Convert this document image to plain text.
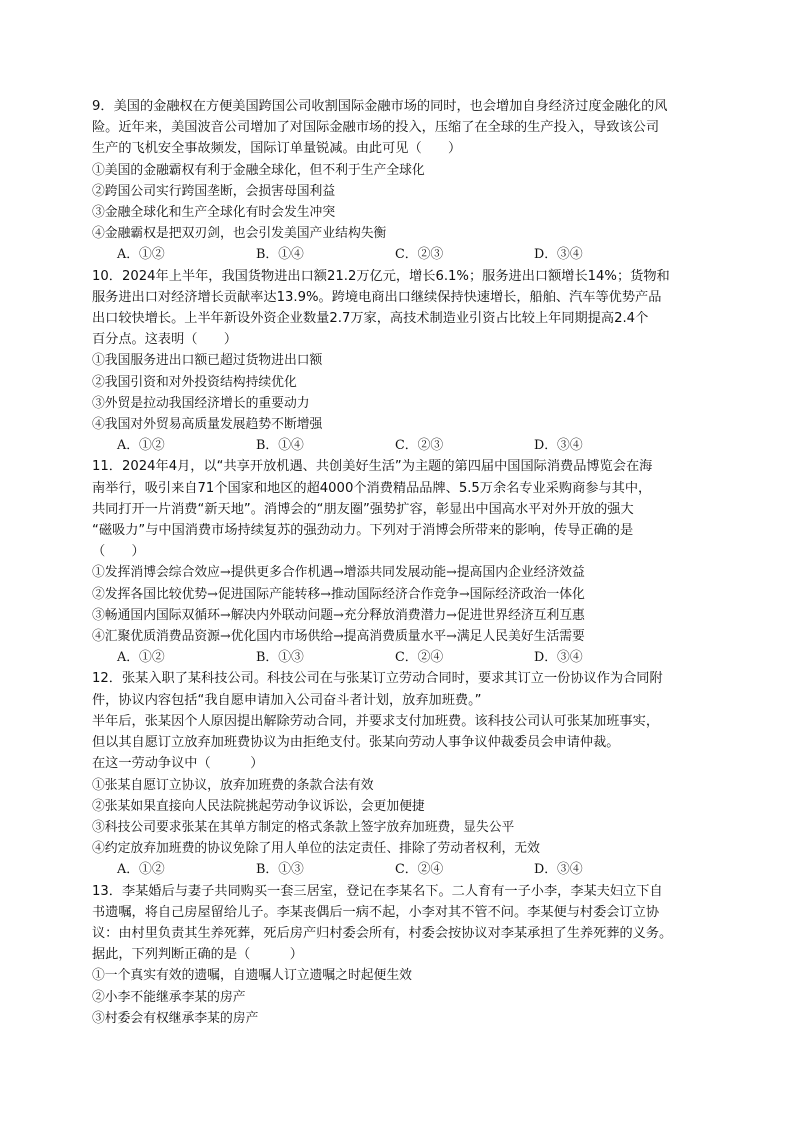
9．美国的金融权在方便美国跨国公司收割国际金融市场的同时，也会增加自身经济过度金融化的风
险。近年来，美国波音公司增加了对国际金融市场的投入，压缩了在全球的生产投入，导致该公司
生产的飞机安全事故频发，国际订单量锐减。由此可见（　　）
①美国的金融霸权有利于金融全球化，但不利于生产全球化
②跨国公司实行跨国垄断，会损害母国利益
③金融全球化和生产全球化有时会发生冲突
④金融霸权是把双刃剑，也会引发美国产业结构失衡
A．①②	B．①④	C．②③	D．③④
10．2024年上半年，我国货物进出口额21.2万亿元，增长6.1%；服务进出口额增长14%；货物和
服务进出口对经济增长贡献率达13.9%。跨境电商出口继续保持快速增长，船舶、汽车等优势产品
出口较快增长。上半年新设外资企业数量2.7万家，高技术制造业引资占比较上年同期提高2.4个
百分点。这表明（　　）
①我国服务进出口额已超过货物进出口额
②我国引资和对外投资结构持续优化
③外贸是拉动我国经济增长的重要动力
④我国对外贸易高质量发展趋势不断增强
A．①②	B．①④	C．②③	D．③④
11．2024年4月，以“共享开放机遇、共创美好生活”为主题的第四届中国国际消费品博览会在海
南举行，吸引来自71个国家和地区的超4000个消费精品品牌、5.5万余名专业采购商参与其中，
共同打开一片消费“新天地”。消博会的“朋友圈”强势扩容，彰显出中国高水平对外开放的强大
“磁吸力”与中国消费市场持续复苏的强劲动力。下列对于消博会所带来的影响，传导正确的是
（　　）
①发挥消博会综合效应→提供更多合作机遇→增添共同发展动能→提高国内企业经济效益
②发挥各国比较优势→促进国际产能转移→推动国际经济合作竞争→国际经济政治一体化
③畅通国内国际双循环→解决内外联动问题→充分释放消费潜力→促进世界经济互利互惠
④汇聚优质消费品资源→优化国内市场供给→提高消费质量水平→满足人民美好生活需要
A．①②	B．①③	C．②④	D．③④
12．张某入职了某科技公司。科技公司在与张某订立劳动合同时，要求其订立一份协议作为合同附
件，协议内容包括“我自愿申请加入公司奋斗者计划，放弃加班费。”
半年后，张某因个人原因提出解除劳动合同，并要求支付加班费。该科技公司认可张某加班事实，
但以其自愿订立放弃加班费协议为由拒绝支付。张某向劳动人事争议仲裁委员会申请仲裁。
在这一劳动争议中（　　　）
①张某自愿订立协议，放弃加班费的条款合法有效
②张某如果直接向人民法院挑起劳动争议诉讼，会更加便捷
③科技公司要求张某在其单方制定的格式条款上签字放弃加班费，显失公平
④约定放弃加班费的协议免除了用人单位的法定责任、排除了劳动者权利，无效
A．①②	B．①③	C．②④	D．③④
13．李某婚后与妻子共同购买一套三居室，登记在李某名下。二人育有一子小李，李某夫妇立下自
书遗嘱，将自己房屋留给儿子。李某丧偶后一病不起，小李对其不管不问。李某便与村委会订立协
议：由村里负责其生养死葬，死后房产归村委会所有，村委会按协议对李某承担了生养死葬的义务。
据此，下列判断正确的是（　　　）
①一个真实有效的遗嘱，自遗嘱人订立遗嘱之时起便生效
②小李不能继承李某的房产
③村委会有权继承李某的房产
